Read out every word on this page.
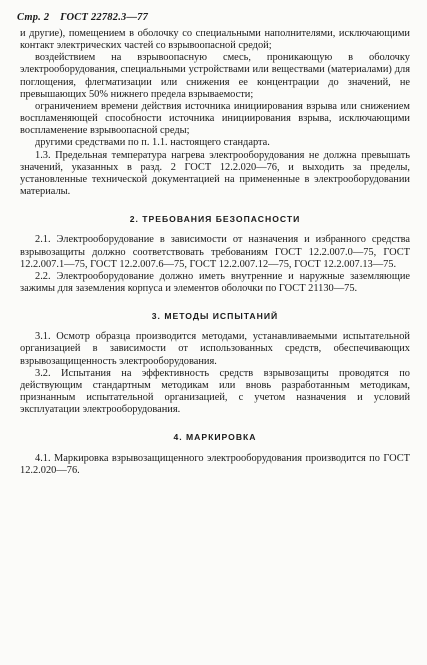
Стр. 2 ГОСТ 22782.3—77

и другие), помещением в оболочку со специальными наполнителями, исключающими контакт электрических частей со взрывоопасной средой;

воздействием на взрывоопасную смесь, проникающую в оболочку электрооборудования, специальными устройствами или веществами (материалами) для поглощения, флегматизации или снижения ее концентрации до значений, не превышающих 50% нижнего предела взрываемости;

ограничением времени действия источника инициирования взрыва или снижением воспламеняющей способности источника инициирования взрыва, исключающими воспламенение взрывоопасной среды;

другими средствами по п. 1.1. настоящего стандарта.

1.3. Предельная температура нагрева электрооборудования не должна превышать значений, указанных в разд. 2 ГОСТ 12.2.020—76, и выходить за пределы, установленные технической документацией на примененные в электрооборудовании материалы.

2. ТРЕБОВАНИЯ БЕЗОПАСНОСТИ

2.1. Электрооборудование в зависимости от назначения и избранного средства взрывозащиты должно соответствовать требованиям ГОСТ 12.2.007.0—75, ГОСТ 12.2.007.1—75, ГОСТ 12.2.007.6—75, ГОСТ 12.2.007.12—75, ГОСТ 12.2.007.13—75.

2.2. Электрооборудование должно иметь внутренние и наружные заземляющие зажимы для заземления корпуса и элементов оболочки по ГОСТ 21130—75.

3. МЕТОДЫ ИСПЫТАНИЙ

3.1. Осмотр образца производится методами, устанавливаемыми испытательной организацией в зависимости от использованных средств, обеспечивающих взрывозащищенность электрооборудования.

3.2. Испытания на эффективность средств взрывозащиты проводятся по действующим стандартным методикам или вновь разработанным методикам, признанным испытательной организацией, с учетом назначения и условий эксплуатации электрооборудования.

4. МАРКИРОВКА

4.1. Маркировка взрывозащищенного электрооборудования производится по ГОСТ 12.2.020—76.
